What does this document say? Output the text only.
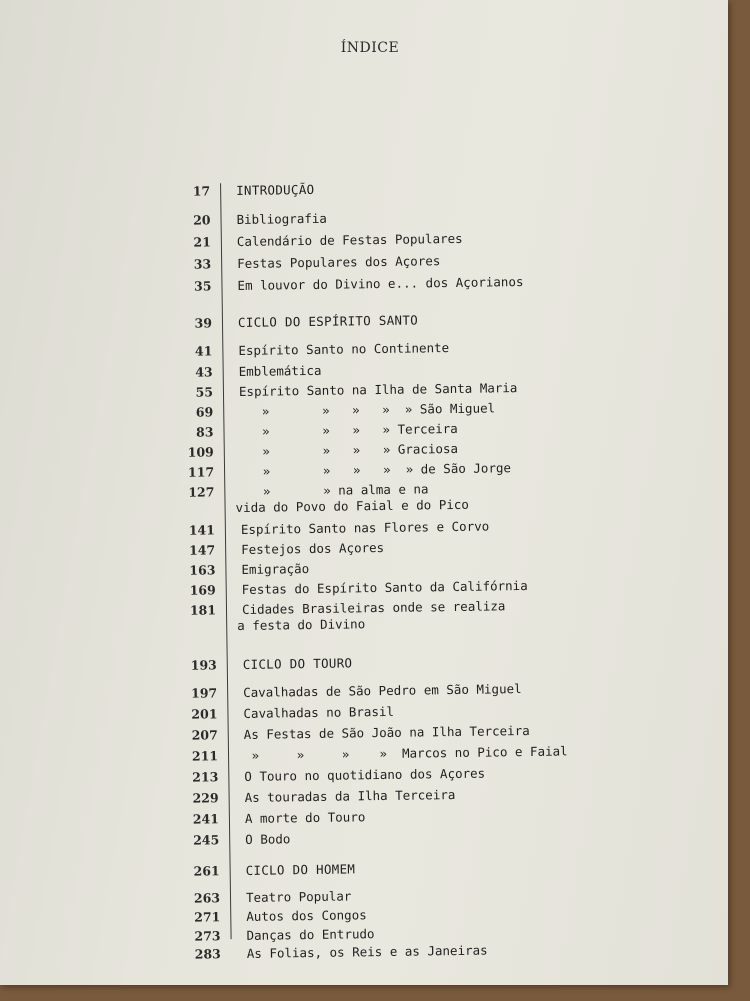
ÍNDICE
17 INTRODUÇÃO
20 Bibliografia
21 Calendário de Festas Populares
33 Festas Populares dos Açores
35 Em louvor do Divino e... dos Açorianos
39 CICLO DO ESPÍRITO SANTO
41 Espírito Santo no Continente
43 Emblemática
55 Espírito Santo na Ilha de Santa Maria
69 »       »   »   »  » São Miguel
83 »       »   »   » Terceira
109 »       »   »   » Graciosa
117 »       »   »   »  » de São Jorge
127 »       » na alma e na
vida do Povo do Faial e do Pico
141 Espírito Santo nas Flores e Corvo
147 Festejos dos Açores
163 Emigração
169 Festas do Espírito Santo da Califórnia
181 Cidades Brasileiras onde se realiza
a festa do Divino
193 CICLO DO TOURO
197 Cavalhadas de São Pedro em São Miguel
201 Cavalhadas no Brasil
207 As Festas de São João na Ilha Terceira
211 »     »     »    »  Marcos no Pico e Faial
213 O Touro no quotidiano dos Açores
229 As touradas da Ilha Terceira
241 A morte do Touro
245 O Bodo
261 CICLO DO HOMEM
263 Teatro Popular
271 Autos dos Congos
273 Danças do Entrudo
283 As Folias, os Reis e as Janeiras
